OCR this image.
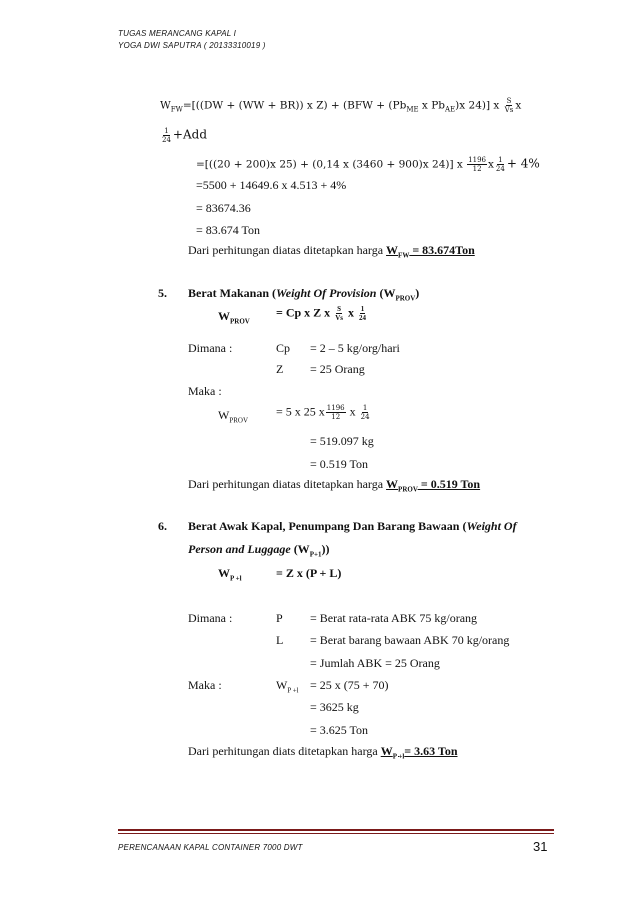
TUGAS MERANCANG KAPAL I
YOGA DWI SAPUTRA ( 20133310019 )
$W_{FW}=[((DW + (WW + BR))$ x $Z) + (BFW + (Pb_{ME}$ x $Pb_{AE})x$ 24)] x $\frac{S}{Vs}$ x
$\frac{1}{24} +Add$
=[((20 + 200)x 25) + (0,14 x (3460 + 900)x 24)] x $\frac{1196}{12}$ x $\frac{1}{24} + 4\%$
=5500 + 14649.6 x 4.513 + 4%
= 83674.36
= 83.674 Ton
Dari perhitungan diatas ditetapkan harga $W_{FW} = 83.674Ton$
5. Berat Makanan (Weight Of Provision $(W_{PROV})$
$W_{PROV}$
= Cp x Z x $\frac{S}{Vs}$ x $\frac{1}{24}$
Dimana :	Cp = 2 – 5 kg/org/hari
Z = 25 Orang
Maka :
$W_{PROV}$
= 5 x 25 x $\frac{1196}{12}$ x $\frac{1}{24}$
= 519.097 kg
= 0.519 Ton
Dari perhitungan diatas ditetapkan harga $W_{PROV} = 0.519$ Ton
6. Berat Awak Kapal, Penumpang Dan Barang Bawaan (Weight Of
Person and Luggage $(W_{P+1})$)
$W_{P +l}$	= Z x (P + L)
Dimana :	P = Berat rata-rata ABK 75 kg/orang
L = Berat barang bawaan ABK 70 kg/orang
= Jumlah ABK = 25 Orang
Maka :	$W_{P +l} = 25$ x (75 + 70)
= 3625 kg
= 3.625 Ton
Dari perhitungan diats ditetapkan harga $W_{P +l}= 3.63$ Ton
PERENCANAAN KAPAL CONTAINER 7000 DWT	31
